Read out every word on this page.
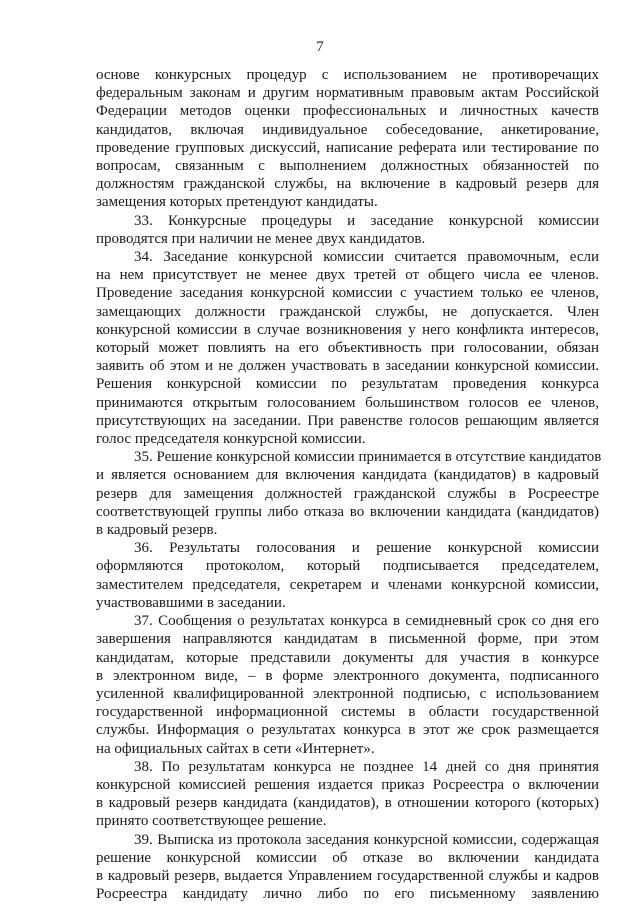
7
основе конкурсных процедур с использованием не противоречащих
федеральным законам и другим нормативным правовым актам Российской
Федерации методов оценки профессиональных и личностных качеств
кандидатов, включая индивидуальное собеседование, анкетирование,
проведение групповых дискуссий, написание реферата или тестирование по
вопросам, связанным с выполнением должностных обязанностей по
должностям гражданской службы, на включение в кадровый резерв для
замещения которых претендуют кандидаты.
33. Конкурсные процедуры и заседание конкурсной комиссии
проводятся при наличии не менее двух кандидатов.
34. Заседание конкурсной комиссии считается правомочным, если
на нем присутствует не менее двух третей от общего числа ее членов.
Проведение заседания конкурсной комиссии с участием только ее членов,
замещающих должности гражданской службы, не допускается. Член
конкурсной комиссии в случае возникновения у него конфликта интересов,
который может повлиять на его объективность при голосовании, обязан
заявить об этом и не должен участвовать в заседании конкурсной комиссии.
Решения конкурсной комиссии по результатам проведения конкурса
принимаются открытым голосованием большинством голосов ее членов,
присутствующих на заседании. При равенстве голосов решающим является
голос председателя конкурсной комиссии.
35. Решение конкурсной комиссии принимается в отсутствие кандидатов
и является основанием для включения кандидата (кандидатов) в кадровый
резерв для замещения должностей гражданской службы в Росреестре
соответствующей группы либо отказа во включении кандидата (кандидатов)
в кадровый резерв.
36. Результаты голосования и решение конкурсной комиссии
оформляются протоколом, который подписывается председателем,
заместителем председателя, секретарем и членами конкурсной комиссии,
участвовавшими в заседании.
37. Сообщения о результатах конкурса в семидневный срок со дня его
завершения направляются кандидатам в письменной форме, при этом
кандидатам, которые представили документы для участия в конкурсе
в электронном виде, – в форме электронного документа, подписанного
усиленной квалифицированной электронной подписью, с использованием
государственной информационной системы в области государственной
службы. Информация о результатах конкурса в этот же срок размещается
на официальных сайтах в сети «Интернет».
38. По результатам конкурса не позднее 14 дней со дня принятия
конкурсной комиссией решения издается приказ Росреестра о включении
в кадровый резерв кандидата (кандидатов), в отношении которого (которых)
принято соответствующее решение.
39. Выписка из протокола заседания конкурсной комиссии, содержащая
решение конкурсной комиссии об отказе во включении кандидата
в кадровый резерв, выдается Управлением государственной службы и кадров
Росреестра кандидату лично либо по его письменному заявлению
